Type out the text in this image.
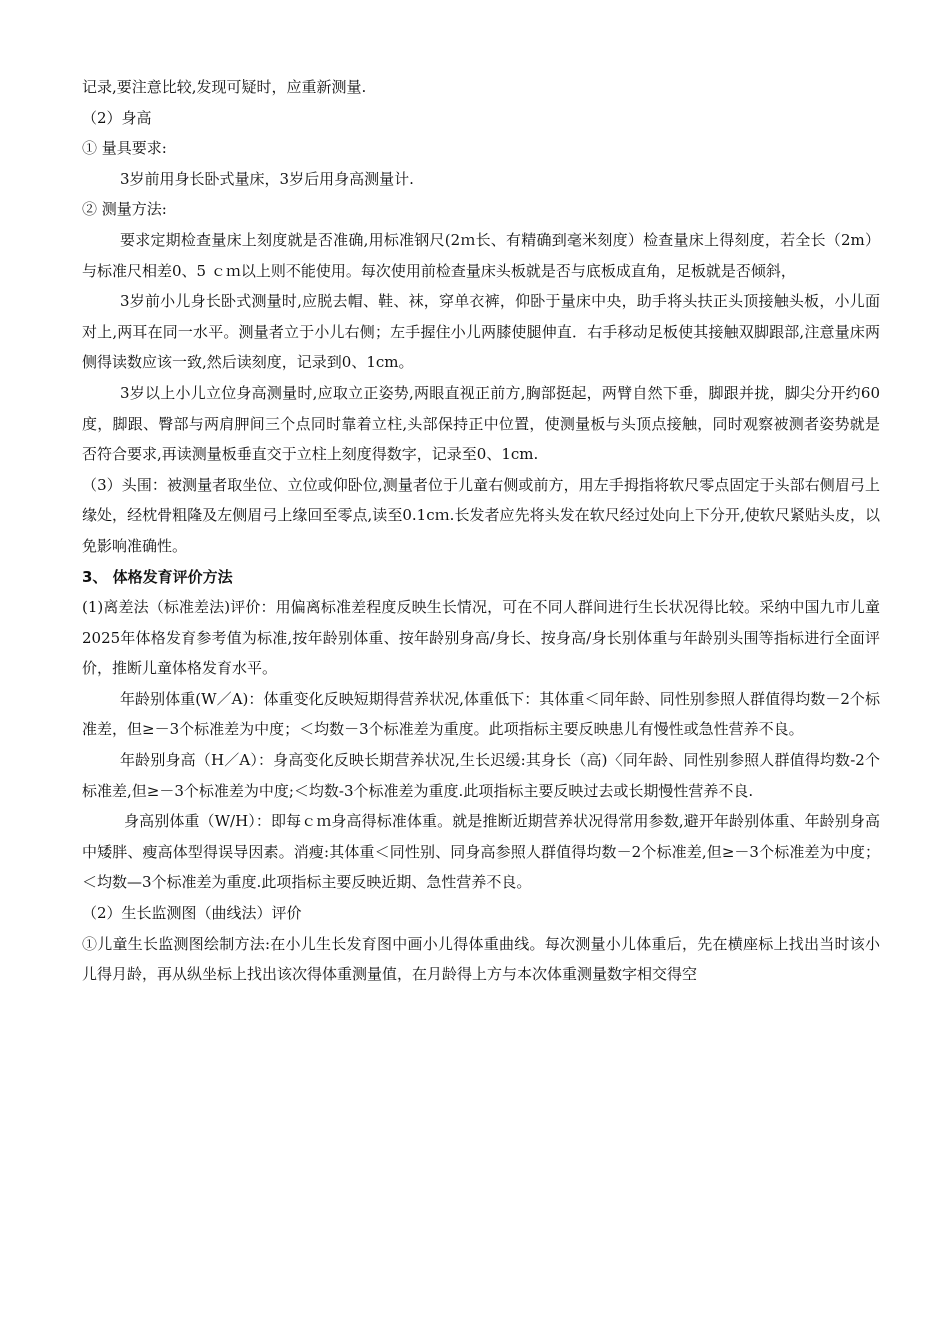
记录,要注意比较,发现可疑时，应重新测量.

（2）身高

① 量具要求:

3岁前用身长卧式量床，3岁后用身高测量计.

② 测量方法:

要求定期检查量床上刻度就是否准确,用标准钢尺(2ｍ长、有精确到毫米刻度）检查量床上得刻度，若全长（2m）与标准尺相差0、5 ｃｍ以上则不能使用。每次使用前检查量床头板就是否与底板成直角，足板就是否倾斜，

3岁前小儿身长卧式测量时,应脱去帽、鞋、袜，穿单衣裤，仰卧于量床中央，助手将头扶正头顶接触头板，小儿面对上,两耳在同一水平。测量者立于小儿右侧；左手握住小儿两膝使腿伸直．右手移动足板使其接触双脚跟部,注意量床两侧得读数应该一致,然后读刻度，记录到0、1cm。

3岁以上小儿立位身高测量时,应取立正姿势,两眼直视正前方,胸部挺起，两臂自然下垂，脚跟并拢，脚尖分开约60度，脚跟、臀部与两肩胛间三个点同时靠着立柱,头部保持正中位置，使测量板与头顶点接触，同时观察被测者姿势就是否符合要求,再读测量板垂直交于立柱上刻度得数字，记录至0、1cm.

（3）头围：被测量者取坐位、立位或仰卧位,测量者位于儿童右侧或前方，用左手拇指将软尺零点固定于头部右侧眉弓上缘处，经枕骨粗隆及左侧眉弓上缘回至零点,读至0.1cｍ.长发者应先将头发在软尺经过处向上下分开,使软尺紧贴头皮，以免影响准确性。

3、 体格发育评价方法

(1)离差法（标准差法)评价：用偏离标准差程度反映生长情况，可在不同人群间进行生长状况得比较。采纳中国九市儿童2025年体格发育参考值为标准,按年龄别体重、按年龄别身高/身长、按身高/身长别体重与年龄别头围等指标进行全面评价，推断儿童体格发育水平。

年龄别体重(W／A)：体重变化反映短期得营养状况,体重低下：其体重＜同年龄、同性别参照人群值得均数－2个标准差，但≥－3个标准差为中度；＜均数－3个标准差为重度。此项指标主要反映患儿有慢性或急性营养不良。

年龄别身高（H／A）：身高变化反映长期营养状况,生长迟缓:其身长（高)〈同年龄、同性别参照人群值得均数-2个标准差,但≥－3个标准差为中度;＜均数-3个标准差为重度.此项指标主要反映过去或长期慢性营养不良.

身高别体重（W/H）：即每ｃｍ身高得标准体重。就是推断近期营养状况得常用参数,避开年龄别体重、年龄别身高中矮胖、瘦高体型得误导因素。消瘦:其体重＜同性别、同身高参照人群值得均数－2个标准差,但≥－3个标准差为中度；＜均数—3个标准差为重度.此项指标主要反映近期、急性营养不良。

（2）生长监测图（曲线法）评价

①儿童生长监测图绘制方法:在小儿生长发育图中画小儿得体重曲线。每次测量小儿体重后，先在横座标上找出当时该小儿得月龄，再从纵坐标上找出该次得体重测量值，在月龄得上方与本次体重测量数字相交得空
